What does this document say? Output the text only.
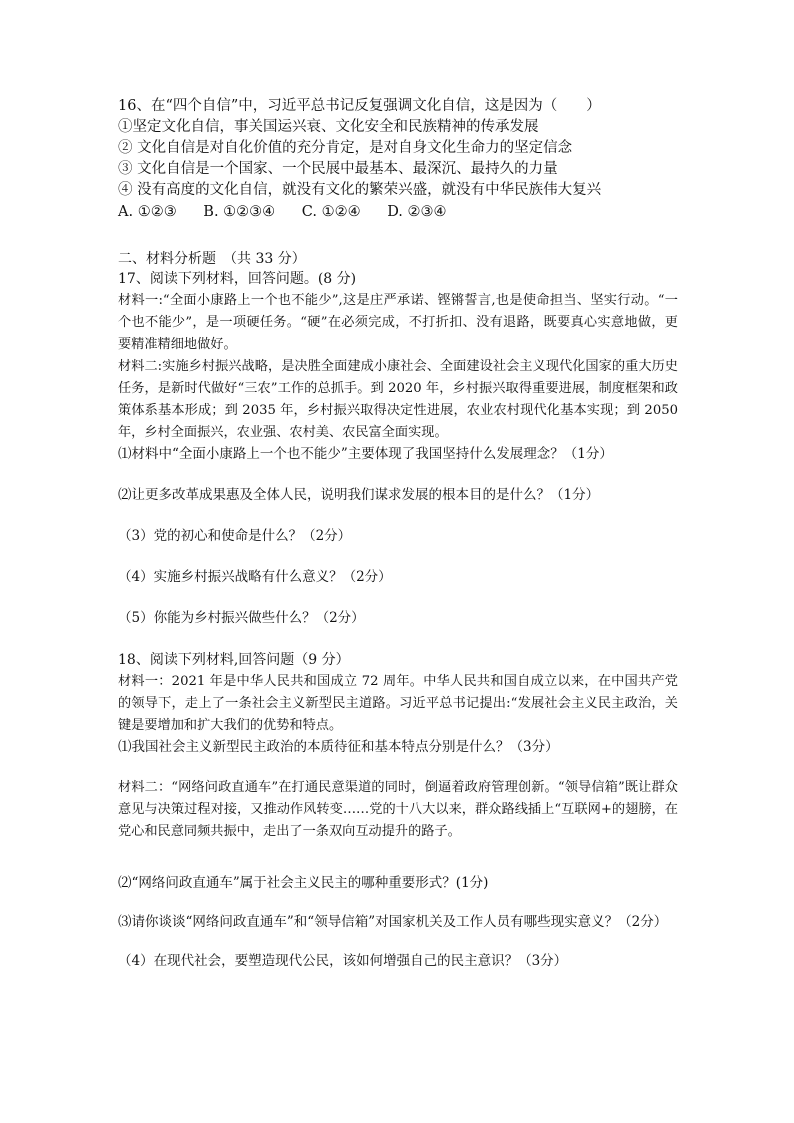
16、在“四个自信”中，习近平总书记反复强调文化自信，这是因为（　　）
①坚定文化自信，事关国运兴衰、文化安全和民族精神的传承发展
② 文化自信是对自化价值的充分肯定，是对自身文化生命力的坚定信念
③ 文化自信是一个国家、一个民展中最基本、最深沉、最持久的力量
④ 没有高度的文化自信，就没有文化的繁荣兴盛，就没有中华民族伟大复兴
A. ①②③ B. ①②③④ C. ①②④ D. ②③④
二、材料分析题　（共 33 分）
17、阅读下列材料，回答问题。(8 分)
材料一:“全面小康路上一个也不能少”,这是庄严承诺、铿锵誓言,也是使命担当、坚实行动。“一个也不能少”，是一项硬任务。“硬”在必须完成，不打折扣、没有退路，既要真心实意地做，更要精准精细地做好。
材料二:实施乡村振兴战略，是决胜全面建成小康社会、全面建设社会主义现代化国家的重大历史任务，是新时代做好“三农”工作的总抓手。到 2020 年，乡村振兴取得重要进展，制度框架和政策体系基本形成；到 2035 年，乡村振兴取得决定性进展，农业农村现代化基本实现；到 2050 年，乡村全面振兴，农业强、农村美、农民富全面实现。
⑴材料中“全面小康路上一个也不能少”主要体现了我国坚持什么发展理念？（1分）
⑵让更多改革成果惠及全体人民，说明我们谋求发展的根本目的是什么？（1分）
（3）党的初心和使命是什么？（2分）
（4）实施乡村振兴战略有什么意义？（2分）
（5）你能为乡村振兴做些什么？（2分）
18、阅读下列材料,回答问题（9 分）
材料一：2021 年是中华人民共和国成立 72 周年。中华人民共和国自成立以来，在中国共产党的领导下，走上了一条社会主义新型民主道路。习近平总书记提出:“发展社会主义民主政治，关键是要增加和扩大我们的优势和特点。
⑴我国社会主义新型民主政治的本质待征和基本特点分别是什么？（3分）
材料二：“网络问政直通车”在打通民意渠道的同时，倒逼着政府管理创新。“领导信箱”既让群众意见与决策过程对接，又推动作风转变……党的十八大以来，群众路线插上“互联网+的翅膀，在党心和民意同频共振中，走出了一条双向互动提升的路子。
⑵“网络问政直通车”属于社会主义民主的哪种重要形式？(1分)
⑶请你谈谈“网络问政直通车”和“领导信箱”对国家机关及工作人员有哪些现实意义？（2分）
（4）在现代社会，要塑造现代公民，该如何增强自己的民主意识？（3分）
